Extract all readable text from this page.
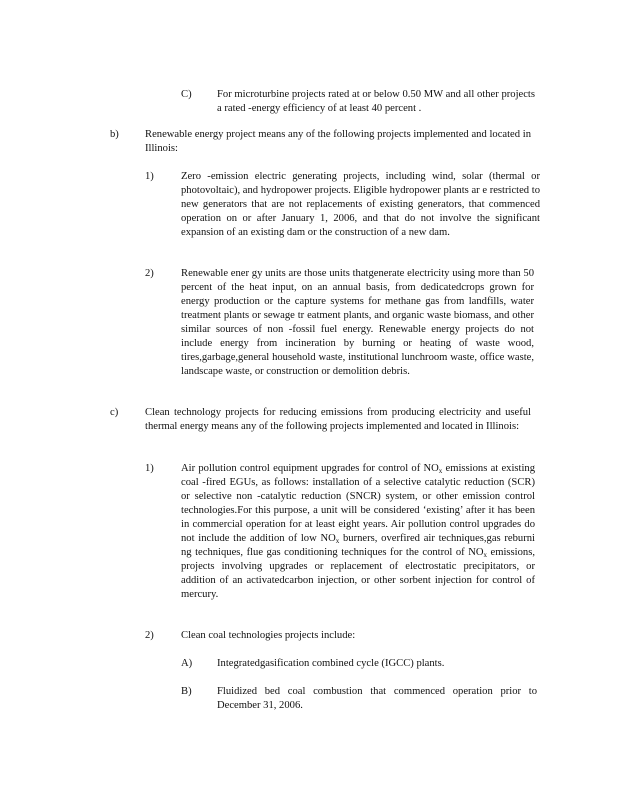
C) For microturbine projects rated at or below 0.50 MW and all other projects a rated -energy efficiency of at least 40 percent .
b) Renewable energy project means any of the following projects implemented and located in Illinois:
1)	Zero -emission electric generating projects, including wind, solar (thermal or photovoltaic), and hydropower projects. Eligible hydropower plants ar e restricted to new generators that are not replacements of existing generators, that commenced operation on or after January 1, 2006, and that do not involve the significant expansion of an existing dam or the construction of a new dam.
2)	Renewable ener gy units are those units thatgenerate electricity using more than 50 percent of the heat input, on an annual basis, from dedicatedcrops grown for energy production or the capture systems for methane gas from landfills, water treatment plants or sewage tr eatment plants, and organic waste biomass, and other similar sources of non -fossil fuel energy. Renewable energy projects do not include energy from incineration by burning or heating of waste wood, tires,garbage,general household waste, institutional lunchroom waste, office waste, landscape waste, or construction or demolition debris.
c)	Clean technology projects for reducing emissions from producing electricity and useful thermal energy means any of the following projects implemented and located in Illinois:
1)	Air pollution control equipment upgrades for control of $NO_x$ emissions at existing coal -fired EGUs, as follows: installation of a selective catalytic reduction (SCR) or selective non -catalytic reduction (SNCR) system, or other emission control technologies.For this purpose, a unit will be considered ‘existing’ after it has been in commercial operation for at least eight years. Air pollution control upgrades do not include the addition of low $NO_x$ burners, overfired air techniques,gas reburni ng techniques, flue gas conditioning techniques for the control of $NO_x$ emissions, projects involving upgrades or replacement of electrostatic precipitators, or addition of an activatedcarbon injection, or other sorbent injection for control of mercury.
2)	Clean coal technologies projects include:
A) Integratedgasification combined cycle (IGCC) plants.
B) Fluidized bed coal combustion that commenced operation prior to December 31, 2006.
